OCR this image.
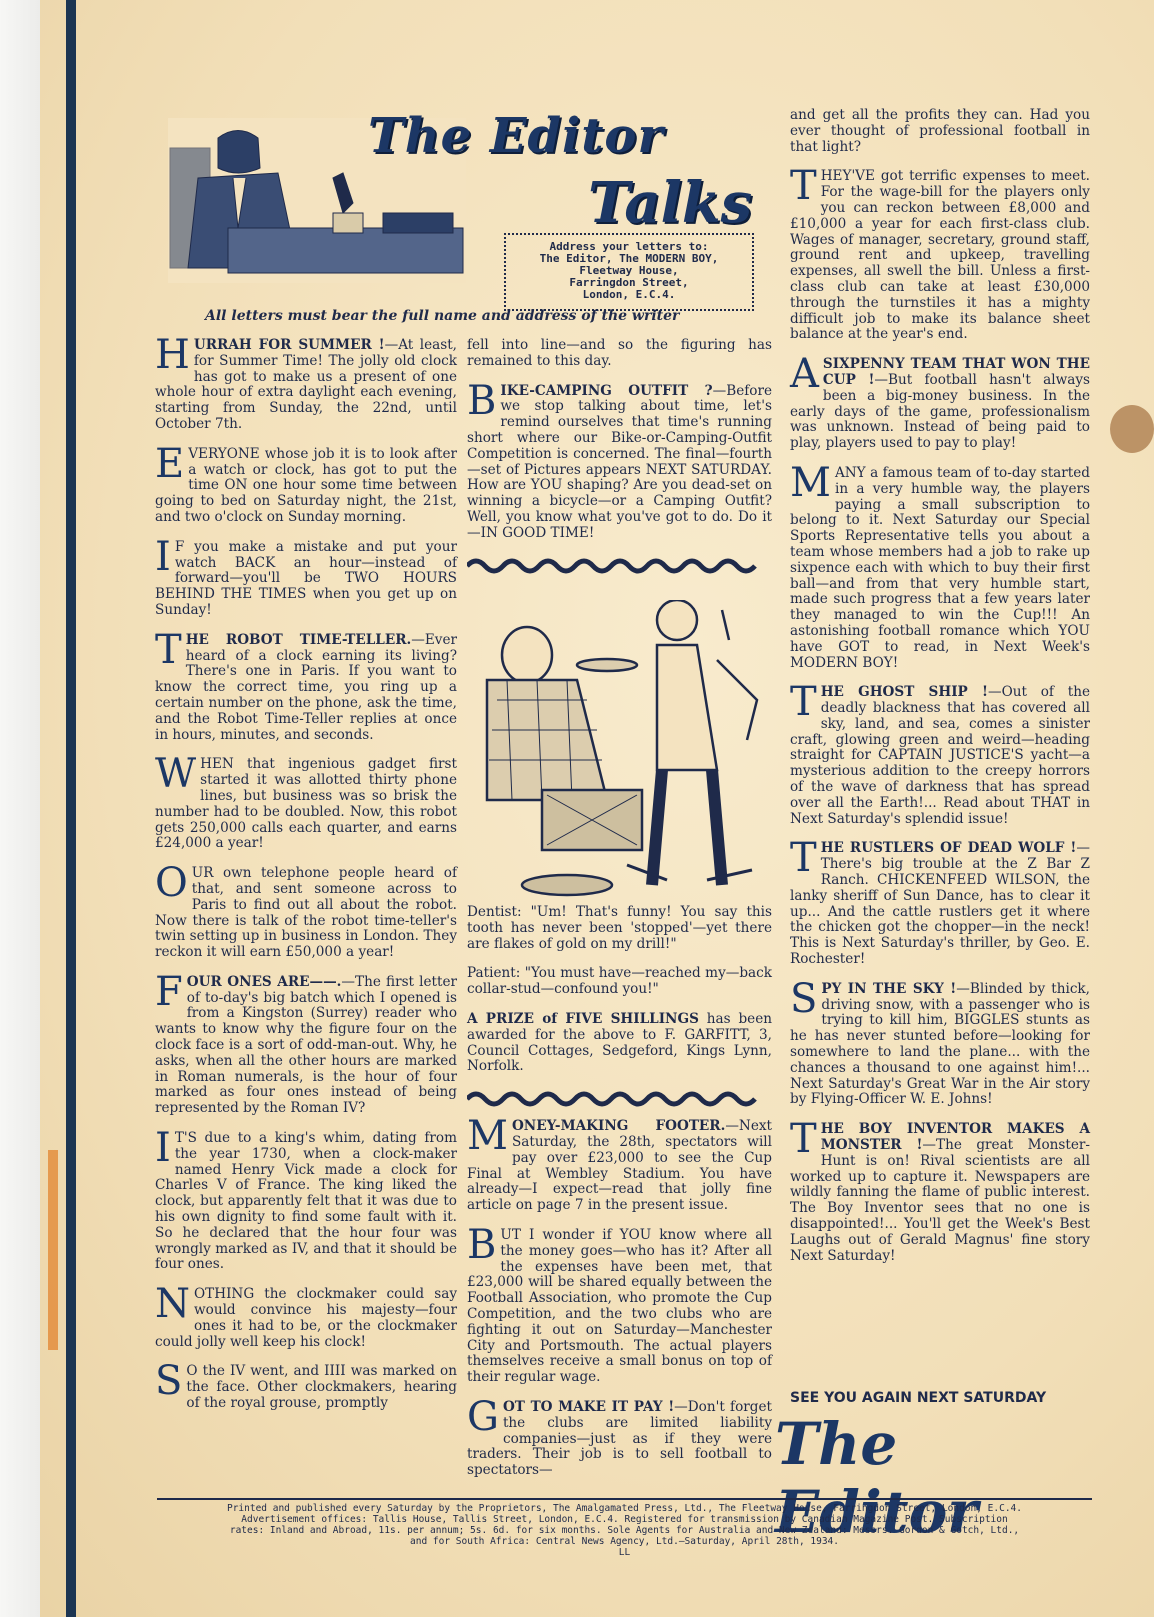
The Editor
Talks
Address your letters to:
The Editor, The MODERN BOY,
Fleetway House,
Farringdon Street,
London, E.C.4.
All letters must bear the full name and address of the writer

HURRAH FOR SUMMER !—At least, for Summer Time! The jolly old clock has got to make us a present of one whole hour of extra daylight each evening, starting from Sunday, the 22nd, until October 7th.

EVERYONE whose job it is to look after a watch or clock, has got to put the time ON one hour some time between going to bed on Saturday night, the 21st, and two o'clock on Sunday morning.

I F you make a mistake and put your watch BACK an hour—instead of forward—you'll be TWO HOURS BEHIND THE TIMES when you get up on Sunday!

THE ROBOT TIME-TELLER.—Ever heard of a clock earning its living? There's one in Paris. If you want to know the correct time, you ring up a certain number on the phone, ask the time, and the Robot Time-Teller replies at once in hours, minutes, and seconds.

WHEN that ingenious gadget first started it was allotted thirty phone lines, but business was so brisk the number had to be doubled. Now, this robot gets 250,000 calls each quarter, and earns £24,000 a year!

OUR own telephone people heard of that, and sent someone across to Paris to find out all about the robot. Now there is talk of the robot time-teller's twin setting up in business in London. They reckon it will earn £50,000 a year!

FOUR ONES ARE——.—The first letter of to-day's big batch which I opened is from a Kingston (Surrey) reader who wants to know why the figure four on the clock face is a sort of odd-man-out. Why, he asks, when all the other hours are marked in Roman numerals, is the hour of four marked as four ones instead of being represented by the Roman IV?

I T'S due to a king's whim, dating from the year 1730, when a clock-maker named Henry Vick made a clock for Charles V of France. The king liked the clock, but apparently felt that it was due to his own dignity to find some fault with it. So he declared that the hour four was wrongly marked as IV, and that it should be four ones.

NOTHING the clockmaker could say would convince his majesty—four ones it had to be, or the clockmaker could jolly well keep his clock!

S O the IV went, and IIII was marked on the face. Other clockmakers, hearing of the royal grouse, promptly

fell into line—and so the figuring has remained to this day.

BIKE-CAMPING OUTFIT ?—Before we stop talking about time, let's remind ourselves that time's running short where our Bike-or-Camping-Outfit Competition is concerned. The final—fourth—set of Pictures appears NEXT SATURDAY. How are YOU shaping? Are you dead-set on winning a bicycle—or a Camping Outfit? Well, you know what you've got to do. Do it—IN GOOD TIME!

Dentist: "Um! That's funny! You say this tooth has never been 'stopped'—yet there are flakes of gold on my drill!"

Patient: "You must have—reached my—back collar-stud—confound you!"

A PRIZE of FIVE SHILLINGS has been awarded for the above to F. GARFITT, 3, Council Cottages, Sedgeford, Kings Lynn, Norfolk.

MONEY-MAKING FOOTER.—Next Saturday, the 28th, spectators will pay over £23,000 to see the Cup Final at Wembley Stadium. You have already—I expect—read that jolly fine article on page 7 in the present issue.

BUT I wonder if YOU know where all the money goes—who has it? After all the expenses have been met, that £23,000 will be shared equally between the Football Association, who promote the Cup Competition, and the two clubs who are fighting it out on Saturday—Manchester City and Portsmouth. The actual players themselves receive a small bonus on top of their regular wage.

GOT TO MAKE IT PAY !—Don't forget the clubs are limited liability companies—just as if they were traders. Their job is to sell football to spectators—

and get all the profits they can. Had you ever thought of professional football in that light?

THEY'VE got terrific expenses to meet. For the wage-bill for the players only you can reckon between £8,000 and £10,000 a year for each first-class club. Wages of manager, secretary, ground staff, ground rent and upkeep, travelling expenses, all swell the bill. Unless a first-class club can take at least £30,000 through the turnstiles it has a mighty difficult job to make its balance sheet balance at the year's end.

A SIXPENNY TEAM THAT WON THE CUP !—But football hasn't always been a big-money business. In the early days of the game, professionalism was unknown. Instead of being paid to play, players used to pay to play!

MANY a famous team of to-day started in a very humble way, the players paying a small subscription to belong to it. Next Saturday our Special Sports Representative tells you about a team whose members had a job to rake up sixpence each with which to buy their first ball—and from that very humble start, made such progress that a few years later they managed to win the Cup!!! An astonishing football romance which YOU have GOT to read, in Next Week's MODERN BOY!

THE GHOST SHIP !—Out of the deadly blackness that has covered all sky, land, and sea, comes a sinister craft, glowing green and weird—heading straight for CAPTAIN JUSTICE'S yacht—a mysterious addition to the creepy horrors of the wave of darkness that has spread over all the Earth!... Read about THAT in Next Saturday's splendid issue!

THE RUSTLERS OF DEAD WOLF !—There's big trouble at the Z Bar Z Ranch. CHICKENFEED WILSON, the lanky sheriff of Sun Dance, has to clear it up... And the cattle rustlers get it where the chicken got the chopper—in the neck! This is Next Saturday's thriller, by Geo. E. Rochester!

SPY IN THE SKY !—Blinded by thick, driving snow, with a passenger who is trying to kill him, BIGGLES stunts as he has never stunted before—looking for somewhere to land the plane... with the chances a thousand to one against him!... Next Saturday's Great War in the Air story by Flying-Officer W. E. Johns!

THE BOY INVENTOR MAKES A MONSTER !—The great Monster-Hunt is on! Rival scientists are all worked up to capture it. Newspapers are wildly fanning the flame of public interest. The Boy Inventor sees that no one is disappointed!... You'll get the Week's Best Laughs out of Gerald Magnus' fine story Next Saturday!

SEE YOU AGAIN NEXT SATURDAY
The Editor
Printed and published every Saturday by the Proprietors, The Amalgamated Press, Ltd., The Fleetway House, Farringdon Street, London, E.C.4.
Advertisement offices: Tallis House, Tallis Street, London, E.C.4. Registered for transmission by Canadian Magazine Post. Subscription
rates: Inland and Abroad, 11s. per annum; 5s. 6d. for six months. Sole Agents for Australia and New Zealand: Messrs. Gordon & Gotch, Ltd.,
and for South Africa: Central News Agency, Ltd.—Saturday, April 28th, 1934.
LL
